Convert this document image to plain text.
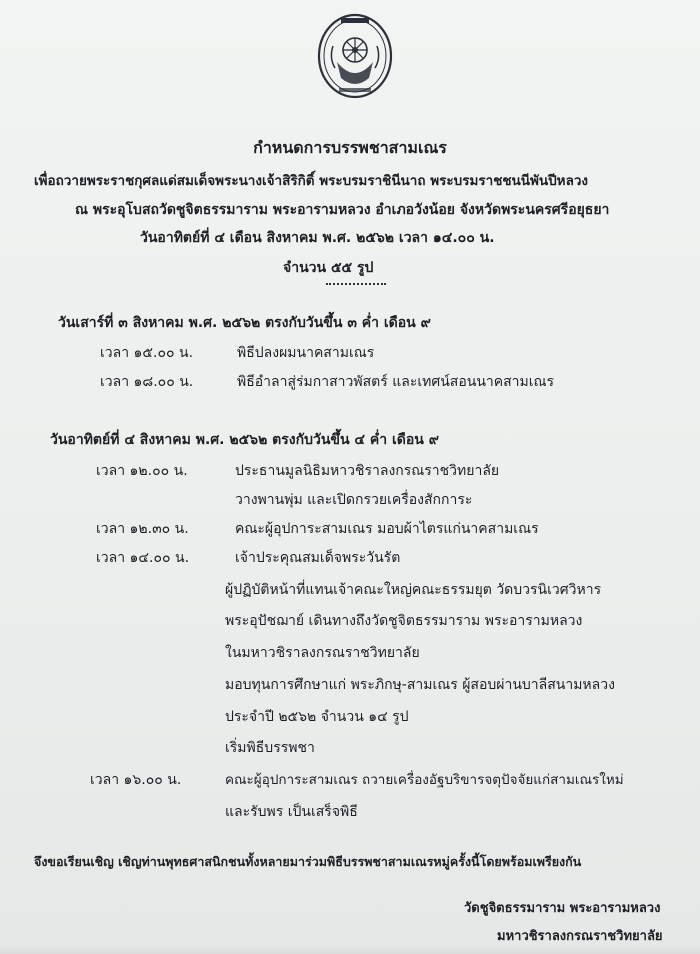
กำหนดการบรรพชาสามเณร
เพื่อถวายพระราชกุศลแด่สมเด็จพระนางเจ้าสิริกิติ์ พระบรมราชินีนาถ พระบรมราชชนนีพันปีหลวง
ณ พระอุโบสถวัดชูจิตธรรมาราม พระอารามหลวง อำเภอวังน้อย จังหวัดพระนครศรีอยุธยา
วันอาทิตย์ที่ ๔ เดือน สิงหาคม พ.ศ. ๒๕๖๒ เวลา ๑๔.๐๐ น.
จำนวน ๕๕ รูป
วันเสาร์ที่ ๓ สิงหาคม พ.ศ. ๒๕๖๒ ตรงกับวันขึ้น ๓ ค่ำ เดือน ๙
เวลา ๑๕.๐๐ น.	พิธีปลงผมนาคสามเณร
เวลา ๑๘.๐๐ น.	พิธีอำลาสู่ร่มกาสาวพัสตร์ และเทศน์สอนนาคสามเณร
วันอาทิตย์ที่ ๔ สิงหาคม พ.ศ. ๒๕๖๒ ตรงกับวันขึ้น ๔ ค่ำ เดือน ๙
เวลา ๑๒.๐๐ น.	ประธานมูลนิธิมหาวชิราลงกรณราชวิทยาลัย
วางพานพุ่ม และเปิดกรวยเครื่องสักการะ
เวลา ๑๒.๓๐ น.	คณะผู้อุปการะสามเณร มอบผ้าไตรแก่นาคสามเณร
เวลา ๑๔.๐๐ น.	เจ้าประคุณสมเด็จพระวันรัต
ผู้ปฏิบัติหน้าที่แทนเจ้าคณะใหญ่คณะธรรมยุต วัดบวรนิเวศวิหาร
พระอุปัชฌาย์ เดินทางถึงวัดชูจิตธรรมาราม พระอารามหลวง
ในมหาวชิราลงกรณราชวิทยาลัย
มอบทุนการศึกษาแก่ พระภิกษุ-สามเณร ผู้สอบผ่านบาลีสนามหลวง
ประจำปี ๒๕๖๒ จำนวน ๑๔ รูป
เริ่มพิธีบรรพชา
เวลา ๑๖.๐๐ น.	คณะผู้อุปการะสามเณร ถวายเครื่องอัฐบริขารจตุปัจจัยแก่สามเณรใหม่
และรับพร เป็นเสร็จพิธี
จึงขอเรียนเชิญ เชิญท่านพุทธศาสนิกชนทั้งหลายมาร่วมพิธีบรรพชาสามเณรหมู่ครั้งนี้โดยพร้อมเพรียงกัน
วัดชูจิตธรรมาราม พระอารามหลวง
มหาวชิราลงกรณราชวิทยาลัย
